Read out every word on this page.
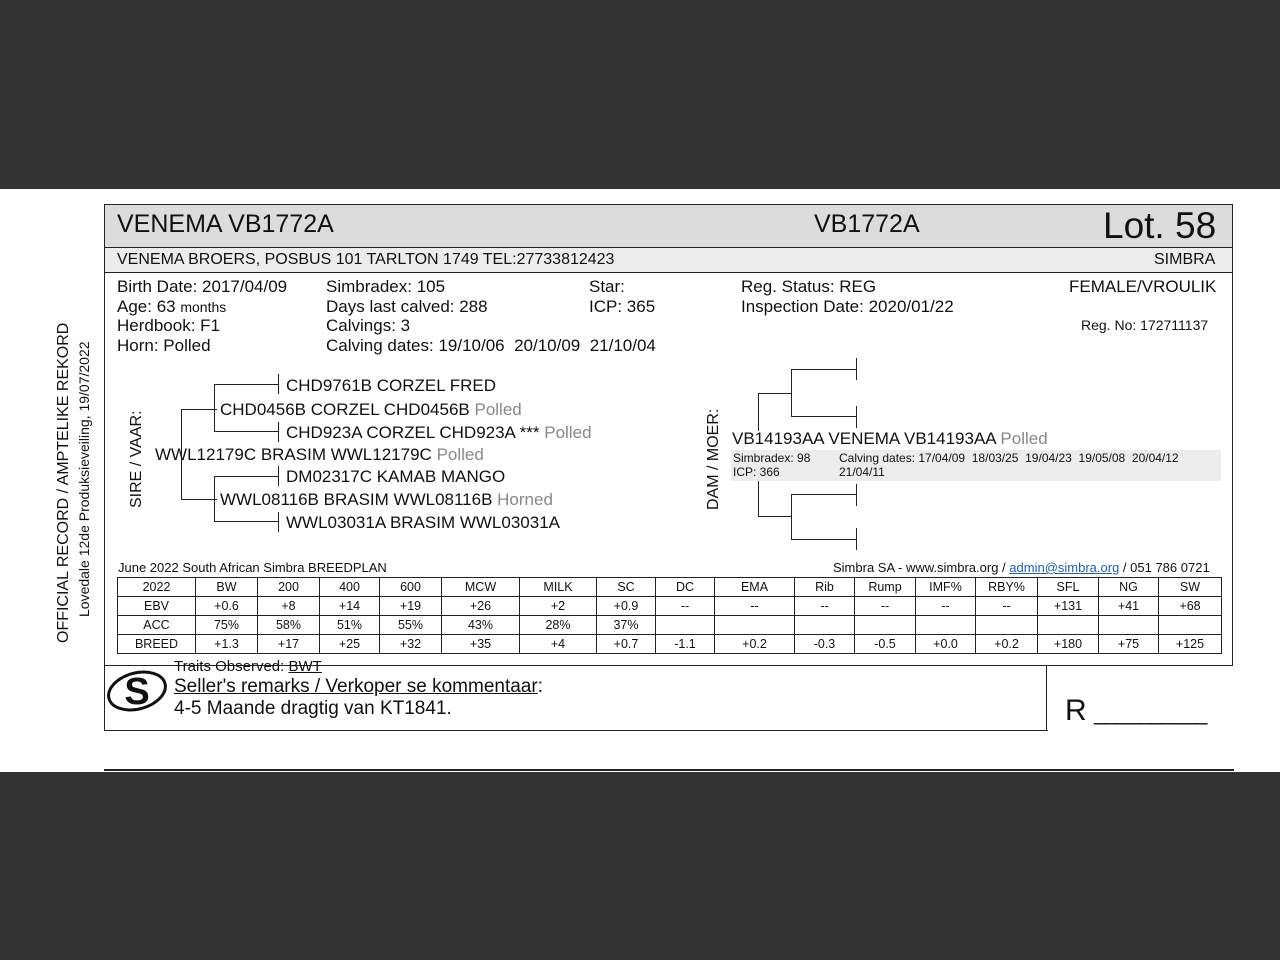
OFFICIAL RECORD / AMPTELIKE REKORD Lovedale 12de Produksieveiling, 19/07/2022
VENEMA VB1772A	VB1772A	Lot. 58
VENEMA BROERS, POSBUS 101 TARLTON 1749 TEL:27733812423	SIMBRA
Birth Date: 2017/04/09
Age: 63 months
Herdbook: F1
Horn: Polled
Simbradex: 105
Days last calved: 288
Calvings: 3
Calving dates: 19/10/06  20/10/09  21/10/04
Star:
ICP: 365
Reg. Status: REG
Inspection Date: 2020/01/22
FEMALE/VROULIK
Reg. No: 172711137
SIRE / VAAR:
CHD9761B CORZEL FRED
CHD0456B CORZEL CHD0456B Polled
CHD923A CORZEL CHD923A *** Polled
WWL12179C BRASIM WWL12179C Polled
DM02317C KAMAB MANGO
WWL08116B BRASIM WWL08116B Horned
WWL03031A BRASIM WWL03031A
DAM / MOER: VB14193AA VENEMA VB14193AA Polled
Simbradex: 98
ICP: 366
Calving dates: 17/04/09  18/03/25  19/04/23  19/05/08  20/04/12
21/04/11
June 2022 South African Simbra BREEDPLAN	Simbra SA - www.simbra.org / admin@simbra.org / 051 786 0721
2022	BW	200	400	600	MCW	MILK	SC	DC	EMA	Rib	Rump	IMF%	RBY%	SFL	NG	SW
EBV	+0.6	+8	+14	+19	+26	+2	+0.9	--	--	--	--	--	--	+131	+41	+68
ACC	75%	58%	51%	55%	43%	28%	37%									
BREED	+1.3	+17	+25	+32	+35	+4	+0.7	-1.1	+0.2	-0.3	-0.5	+0.0	+0.2	+180	+75	+125
S
Traits Observed: BWT
Seller's remarks / Verkoper se kommentaar:
4-5 Maande dragtig van KT1841.	R __________
